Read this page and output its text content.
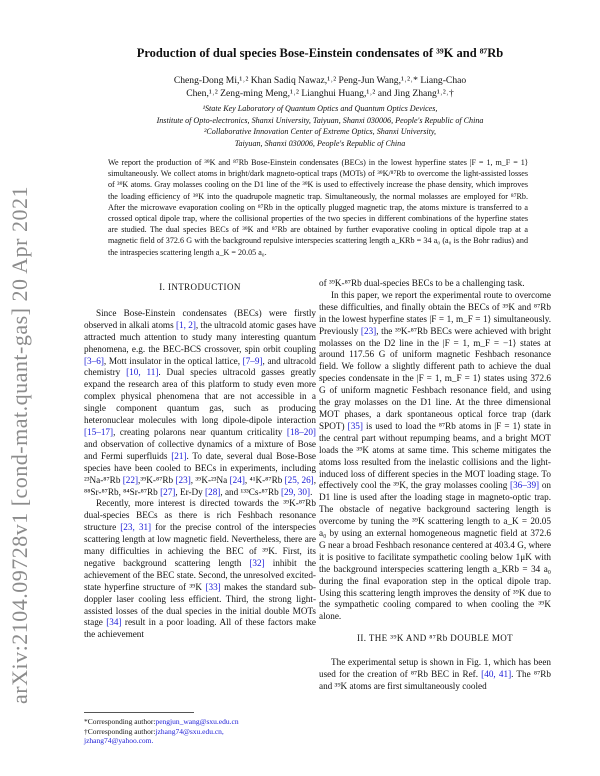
arXiv:2104.09728v1 [cond-mat.quant-gas] 20 Apr 2021
Production of dual species Bose-Einstein condensates of ³⁹K and ⁸⁷Rb
Cheng-Dong Mi,¹˒² Khan Sadiq Nawaz,¹˒² Peng-Jun Wang,¹˒²˒* Liang-Chao
Chen,¹˒² Zeng-ming Meng,¹˒² Lianghui Huang,¹˒² and Jing Zhang¹˒²˒†
¹State Key Laboratory of Quantum Optics and Quantum Optics Devices,
Institute of Opto-electronics, Shanxi University, Taiyuan, Shanxi 030006, People's Republic of China
²Collaborative Innovation Center of Extreme Optics, Shanxi University,
Taiyuan, Shanxi 030006, People's Republic of China
We report the production of ³⁹K and ⁸⁷Rb Bose-Einstein condensates (BECs) in the lowest hyperfine states |F = 1, m_F = 1⟩ simultaneously. We collect atoms in bright/dark magneto-optical traps (MOTs) of ³⁹K/⁸⁷Rb to overcome the light-assisted losses of ³⁹K atoms. Gray molasses cooling on the D1 line of the ³⁹K is used to effectively increase the phase density, which improves the loading efficiency of ³⁹K into the quadrupole magnetic trap. Simultaneously, the normal molasses are employed for ⁸⁷Rb. After the microwave evaporation cooling on ⁸⁷Rb in the optically plugged magnetic trap, the atoms mixture is transferred to a crossed optical dipole trap, where the collisional properties of the two species in different combinations of the hyperfine states are studied. The dual species BECs of ³⁹K and ⁸⁷Rb are obtained by further evaporative cooling in optical dipole trap at a magnetic field of 372.6 G with the background repulsive interspecies scattering length a_KRb = 34 a₀ (a₀ is the Bohr radius) and the intraspecies scattering length a_K = 20.05 a₀.
I. INTRODUCTION

Since Bose-Einstein condensates (BECs) were firstly observed in alkali atoms [1, 2], the ultracold atomic gases have attracted much attention to study many interesting quantum phenomena, e.g. the BEC-BCS crossover, spin orbit coupling [3–6], Mott insulator in the optical lattice, [7–9], and ultracold chemistry [10, 11]. Dual species ultracold gasses greatly expand the research area of this platform to study even more complex physical phenomena that are not accessible in a single component quantum gas, such as producing heteronuclear molecules with long dipole-dipole interaction [15–17], creating polarons near quantum criticality [18–20] and observation of collective dynamics of a mixture of Bose and Fermi superfluids [21]. To date, several dual Bose-Bose species have been cooled to BECs in experiments, including ²³Na-⁸⁷Rb [22],³⁹K-⁸⁷Rb [23], ³⁹K-²³Na [24], ⁴¹K-⁸⁷Rb [25, 26], ⁸⁸Sr-⁸⁷Rb, ⁸⁴Sr-⁸⁷Rb [27], Er-Dy [28], and ¹³³Cs-⁸⁷Rb [29, 30].

Recently, more interest is directed towards the ³⁹K-⁸⁷Rb dual-species BECs as there is rich Feshbach resonance structure [23, 31] for the precise control of the interspecies scattering length at low magnetic field. Nevertheless, there are many difficulties in achieving the BEC of ³⁹K. First, its negative background scattering length [32] inhibit the achievement of the BEC state. Second, the unresolved excited-state hyperfine structure of ³⁹K [33] makes the standard sub-doppler laser cooling less efficient. Third, the strong light-assisted losses of the dual species in the initial double MOTs stage [34] result in a poor loading. All of these factors make the achievement

of ³⁹K-⁸⁷Rb dual-species BECs to be a challenging task.

In this paper, we report the experimental route to overcome these difficulties, and finally obtain the BECs of ³⁹K and ⁸⁷Rb in the lowest hyperfine states |F = 1, m_F = 1⟩ simultaneously. Previously [23], the ³⁹K-⁸⁷Rb BECs were achieved with bright molasses on the D2 line in the |F = 1, m_F = −1⟩ states at around 117.56 G of uniform magnetic Feshbach resonance field. We follow a slightly different path to achieve the dual species condensate in the |F = 1, m_F = 1⟩ states using 372.6 G of uniform magnetic Feshbach resonance field, and using the gray molasses on the D1 line. At the three dimensional MOT phases, a dark spontaneous optical force trap (dark SPOT) [35] is used to load the ⁸⁷Rb atoms in |F = 1⟩ state in the central part without repumping beams, and a bright MOT loads the ³⁹K atoms at same time. This scheme mitigates the atoms loss resulted from the inelastic collisions and the light-induced loss of different species in the MOT loading stage. To effectively cool the ³⁹K, the gray molasses cooling [36–39] on D1 line is used after the loading stage in magneto-optic trap. The obstacle of negative background sactering length is overcome by tuning the ³⁹K scattering length to a_K = 20.05 a₀ by using an external homogeneous magnetic field at 372.6 G near a broad Feshbach resonance centered at 403.4 G, where it is positive to facilitate sympathetic cooling below 1μK with the background interspecies scattering length a_KRb = 34 a₀ during the final evaporation step in the optical dipole trap. Using this scattering length improves the density of ³⁹K due to the sympathetic cooling compared to when cooling the ³⁹K alone.

II. THE ³⁹K AND ⁸⁷Rb DOUBLE MOT

The experimental setup is shown in Fig. 1, which has been used for the creation of ⁸⁷Rb BEC in Ref. [40, 41]. The ⁸⁷Rb and ³⁹K atoms are first simultaneously cooled

*Corresponding author:pengjun_wang@sxu.edu.cn
†Corresponding author:jzhang74@sxu.edu.cn,
jzhang74@yahoo.com.
